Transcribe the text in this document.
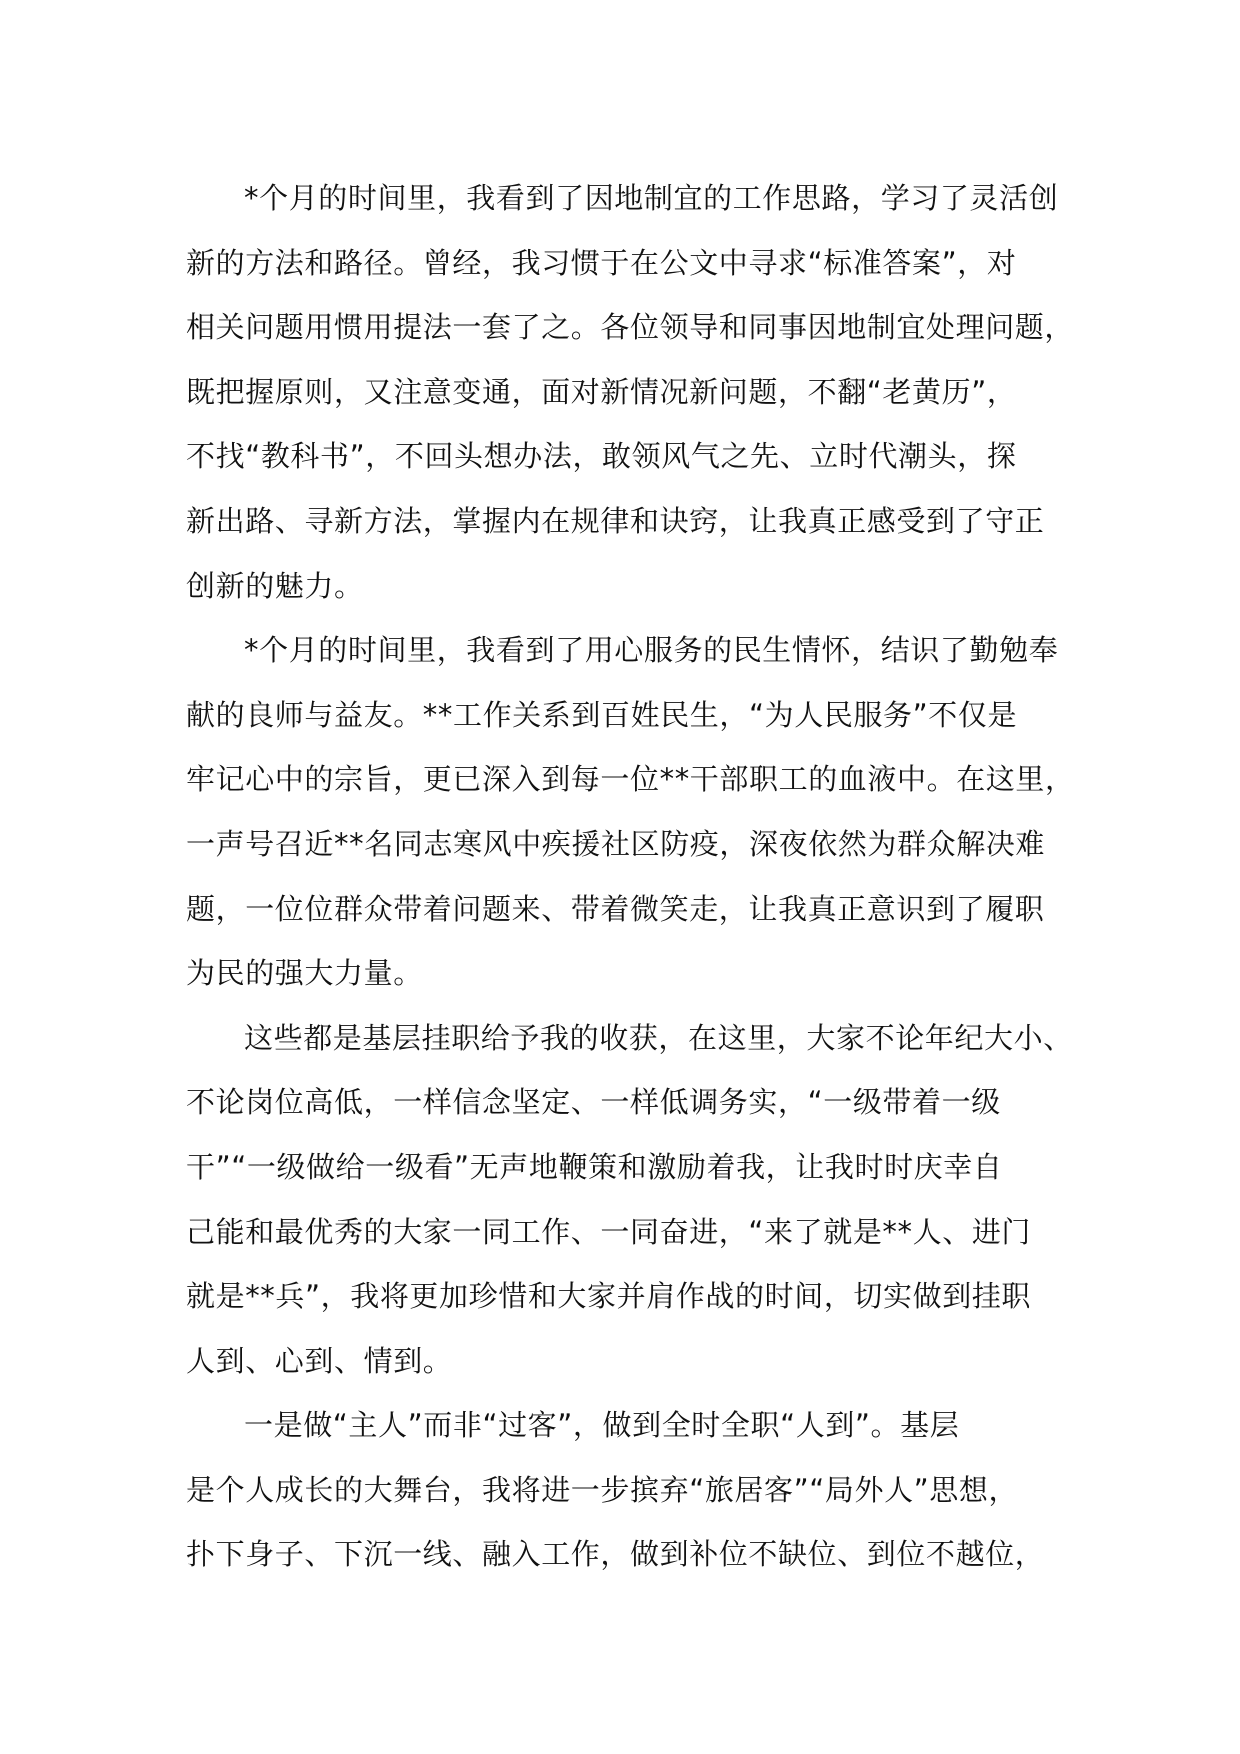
*个月的时间里，我看到了因地制宜的工作思路，学习了灵活创
新的方法和路径。曾经，我习惯于在公文中寻求“标准答案”，对
相关问题用惯用提法一套了之。各位领导和同事因地制宜处理问题，
既把握原则，又注意变通，面对新情况新问题，不翻“老黄历”，
不找“教科书”，不回头想办法，敢领风气之先、立时代潮头，探
新出路、寻新方法，掌握内在规律和诀窍，让我真正感受到了守正
创新的魅力。
*个月的时间里，我看到了用心服务的民生情怀，结识了勤勉奉
献的良师与益友。**工作关系到百姓民生，“为人民服务”不仅是
牢记心中的宗旨，更已深入到每一位**干部职工的血液中。在这里，
一声号召近**名同志寒风中疾援社区防疫，深夜依然为群众解决难
题，一位位群众带着问题来、带着微笑走，让我真正意识到了履职
为民的强大力量。
这些都是基层挂职给予我的收获，在这里，大家不论年纪大小、
不论岗位高低，一样信念坚定、一样低调务实，“一级带着一级
干”“一级做给一级看”无声地鞭策和激励着我，让我时时庆幸自
己能和最优秀的大家一同工作、一同奋进，“来了就是**人、进门
就是**兵”，我将更加珍惜和大家并肩作战的时间，切实做到挂职
人到、心到、情到。
一是做“主人”而非“过客”，做到全时全职“人到”。基层
是个人成长的大舞台，我将进一步摈弃“旅居客”“局外人”思想，
扑下身子、下沉一线、融入工作，做到补位不缺位、到位不越位，
